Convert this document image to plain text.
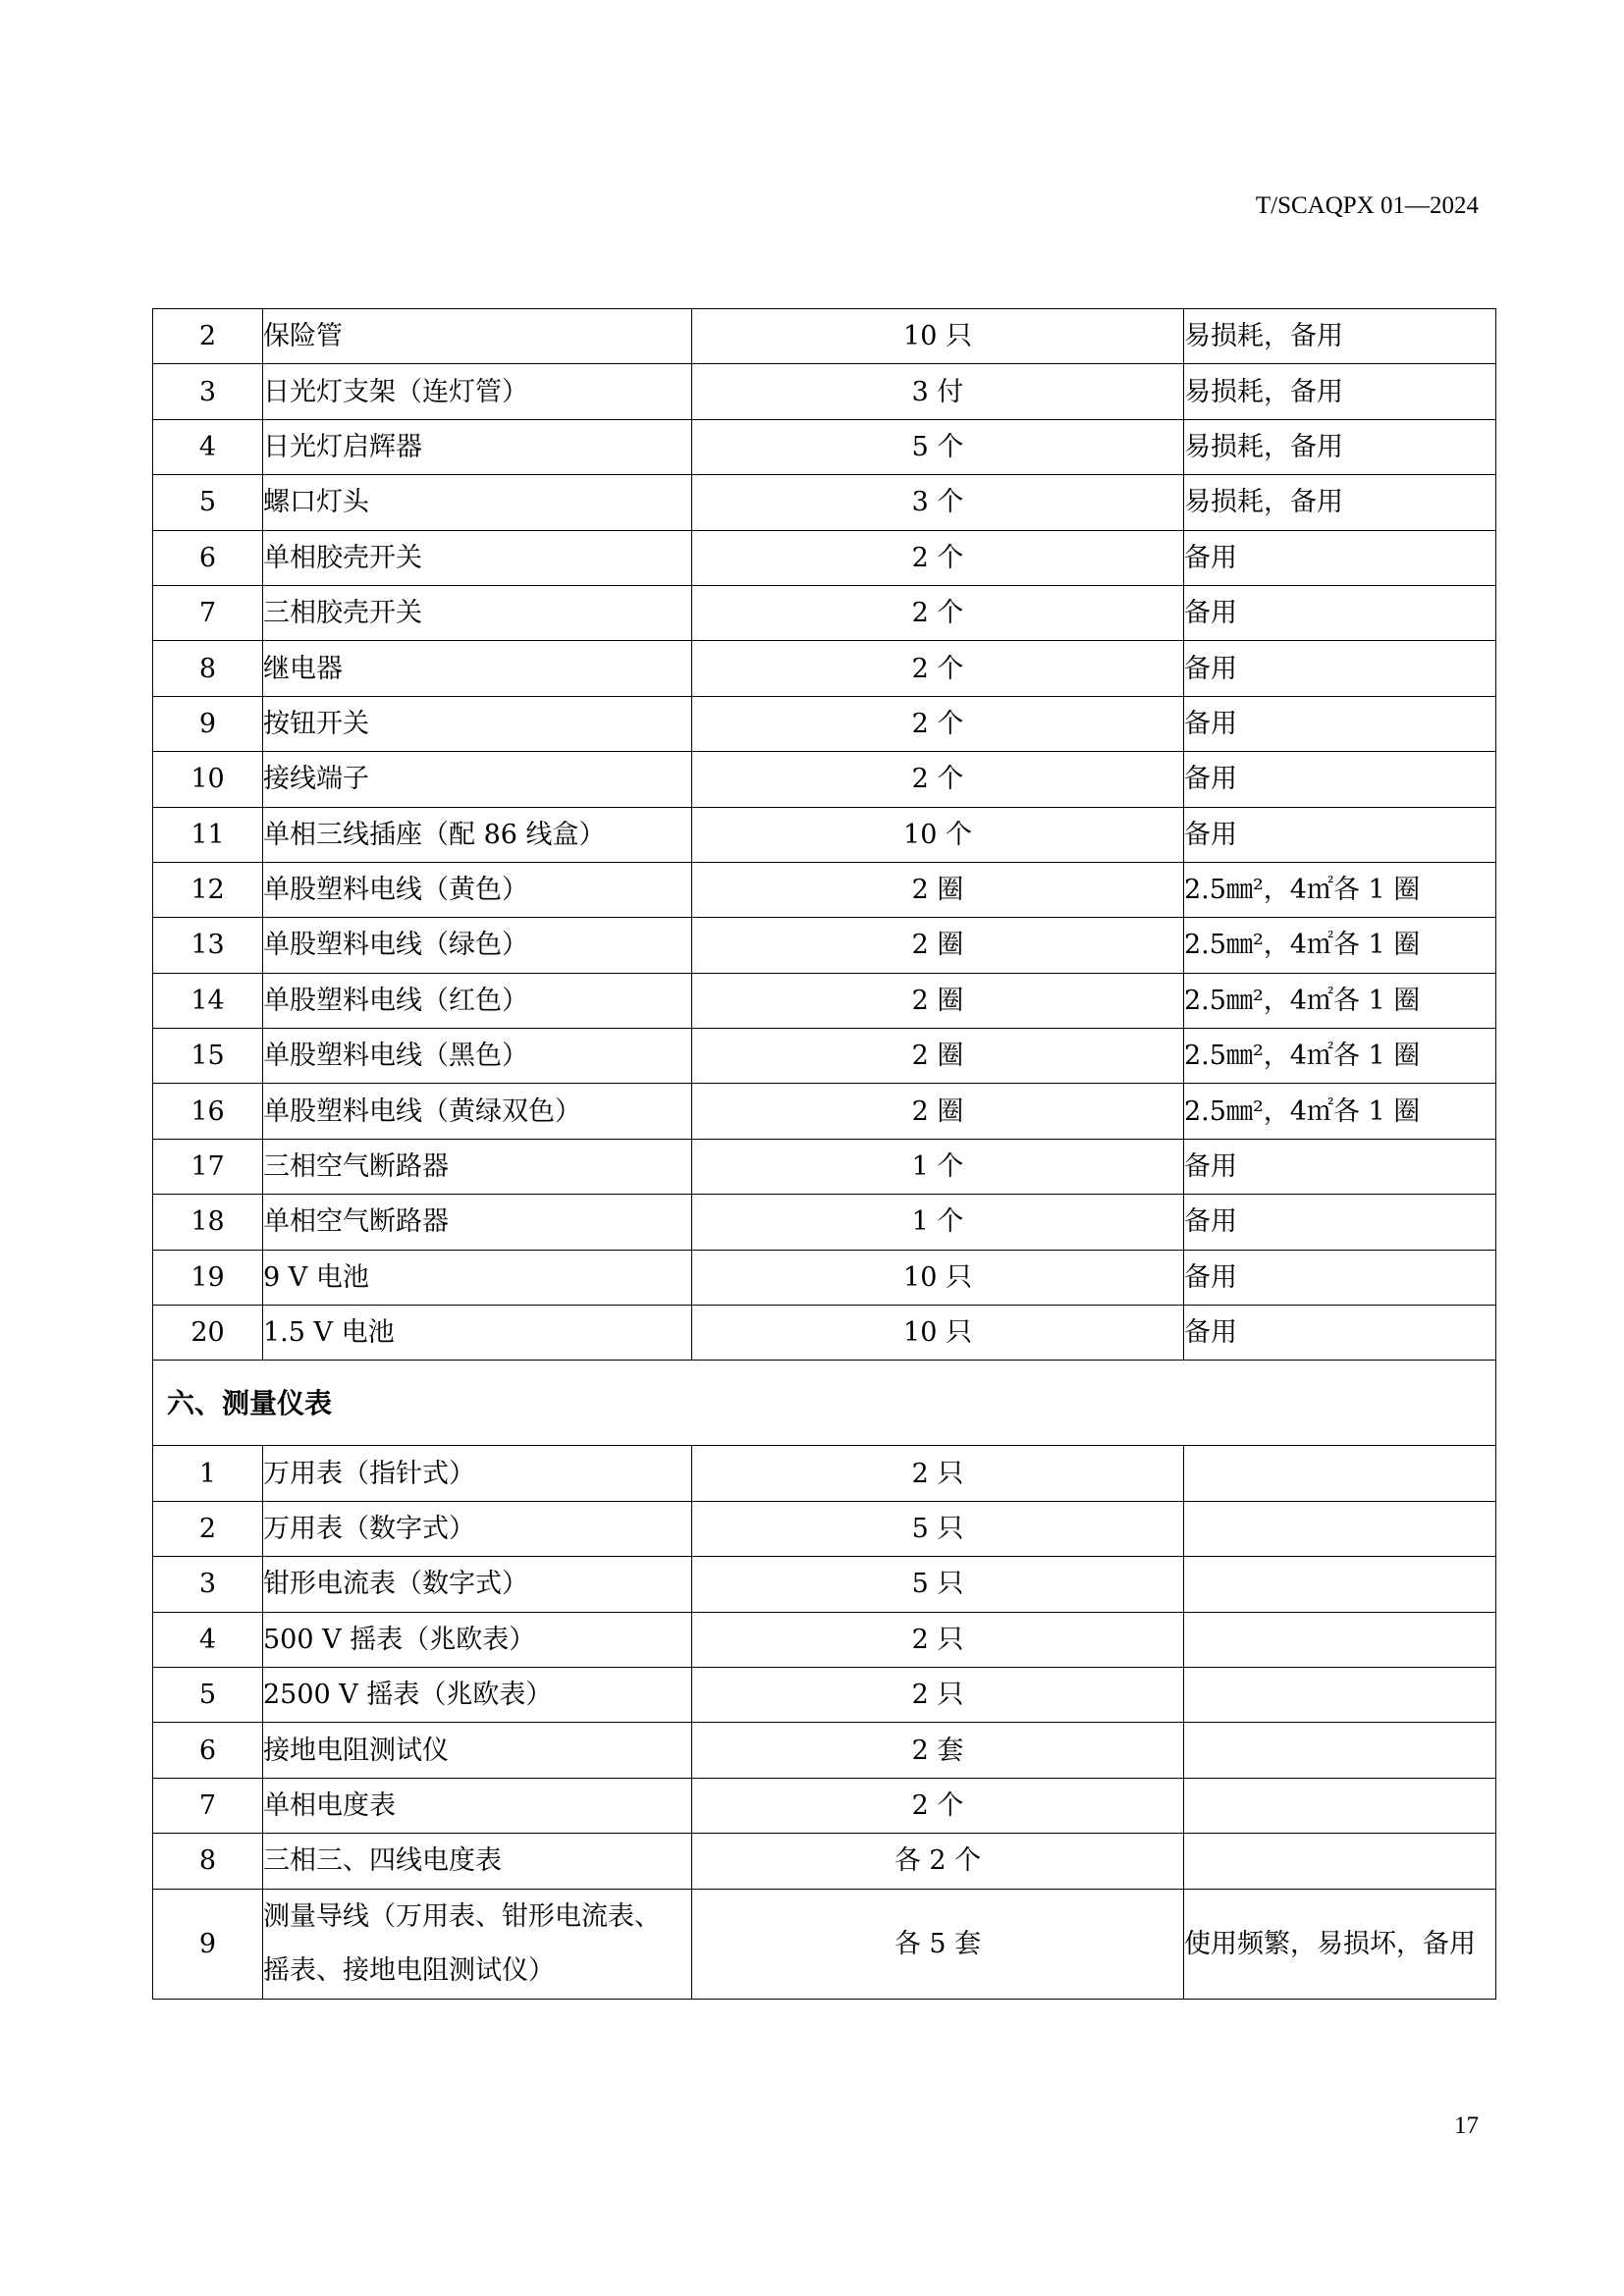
T/SCAQPX 01—2024
2	保险管	10 只	易损耗，备用
3	日光灯支架（连灯管）	3 付	易损耗，备用
4	日光灯启辉器	5 个	易损耗，备用
5	螺口灯头	3 个	易损耗，备用
6	单相胶壳开关	2 个	备用
7	三相胶壳开关	2 个	备用
8	继电器	2 个	备用
9	按钮开关	2 个	备用
10	接线端子	2 个	备用
11	单相三线插座（配 86 线盒）	10 个	备用
12	单股塑料电线（黄色）	2 圈	2.5㎜²，4㎡各 1 圈
13	单股塑料电线（绿色）	2 圈	2.5㎜²，4㎡各 1 圈
14	单股塑料电线（红色）	2 圈	2.5㎜²，4㎡各 1 圈
15	单股塑料电线（黑色）	2 圈	2.5㎜²，4㎡各 1 圈
16	单股塑料电线（黄绿双色）	2 圈	2.5㎜²，4㎡各 1 圈
17	三相空气断路器	1 个	备用
18	单相空气断路器	1 个	备用
19	9 V 电池	10 只	备用
20	1.5 V 电池	10 只	备用
六、测量仪表			
1	万用表（指针式）	2 只	
2	万用表（数字式）	5 只	
3	钳形电流表（数字式）	5 只	
4	500 V 摇表（兆欧表）	2 只	
5	2500 V 摇表（兆欧表）	2 只	
6	接地电阻测试仪	2 套	
7	单相电度表	2 个	
8	三相三、四线电度表	各 2 个	
9	测量导线（万用表、钳形电流表、摇表、接地电阻测试仪）	各 5 套	使用频繁，易损坏，备用
17
